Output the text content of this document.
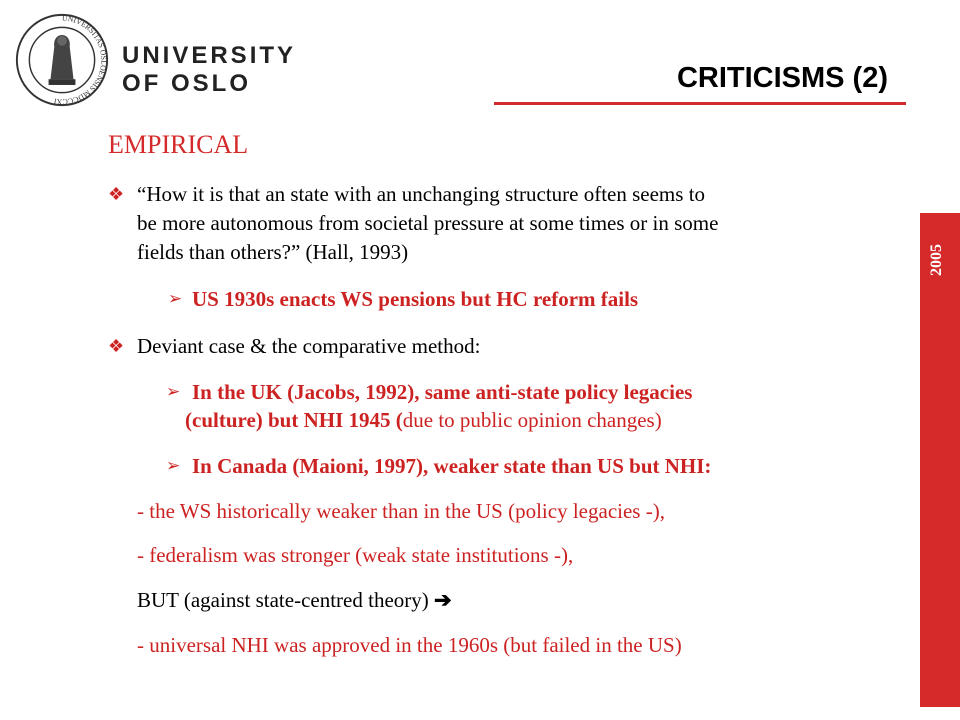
UNIVERSITAS OSLOENSIS MDCCCXI
UNIVERSITY
OF OSLO	CRITICISMS (2)
2005
EMPIRICAL
❖ “How it is that an state with an unchanging structure often seems to
be more autonomous from societal pressure at some times or in some
fields than others?” (Hall, 1993)
➢ US 1930s enacts WS pensions but HC reform fails
❖ Deviant case & the comparative method:
➢ In the UK (Jacobs, 1992), same anti-state policy legacies
(culture) but NHI 1945 (due to public opinion changes)
➢ In Canada (Maioni, 1997), weaker state than US but NHI:
- the WS historically weaker than in the US (policy legacies -),
- federalism was stronger (weak state institutions -),
BUT (against state-centred theory) ➔
- universal NHI was approved in the 1960s (but failed in the US)
